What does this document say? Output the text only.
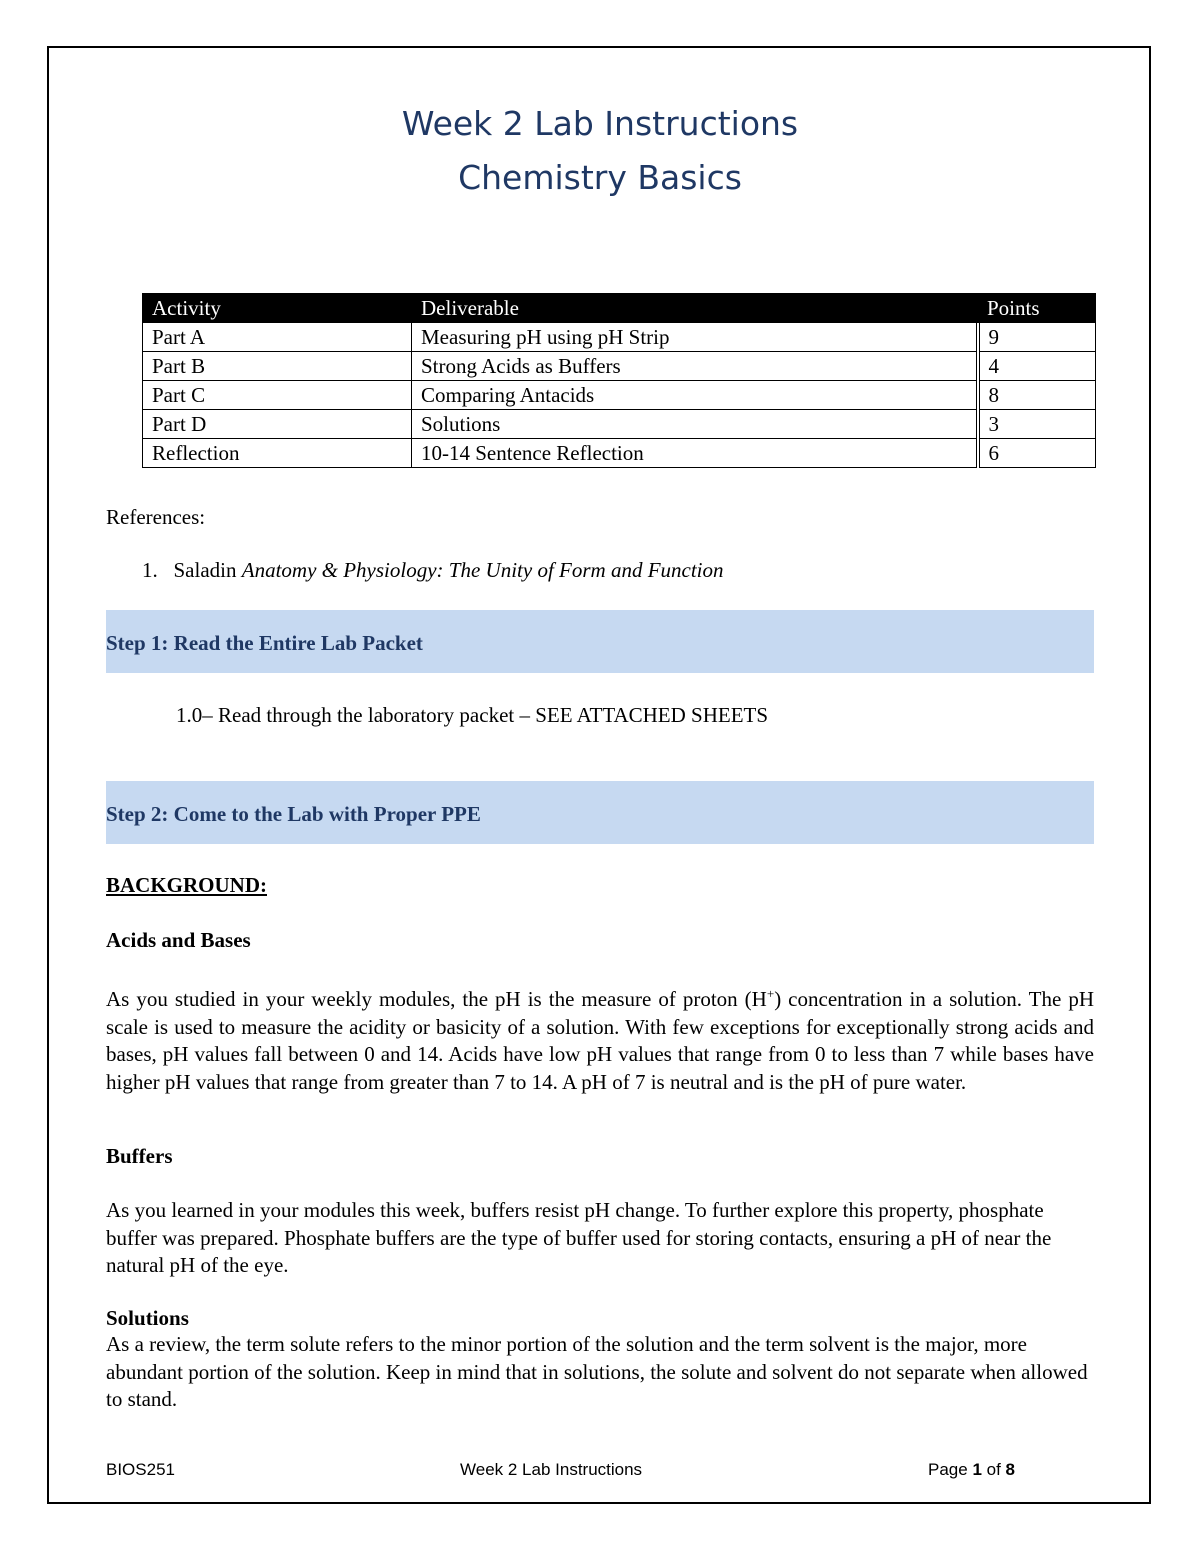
Week 2 Lab Instructions
Chemistry Basics
Activity	Deliverable	Points
Part A	Measuring pH using pH Strip	9
Part B	Strong Acids as Buffers	4
Part C	Comparing Antacids	8
Part D	Solutions	3
Reflection	10-14 Sentence Reflection	6
References:
1. Saladin Anatomy & Physiology: The Unity of Form and Function
Step 1: Read the Entire Lab Packet
1.0– Read through the laboratory packet – SEE ATTACHED SHEETS
Step 2: Come to the Lab with Proper PPE
BACKGROUND:
Acids and Bases
As you studied in your weekly modules, the pH is the measure of proton (H+) concentration in a solution. The pH scale is used to measure the acidity or basicity of a solution. With few exceptions for exceptionally strong acids and bases, pH values fall between 0 and 14. Acids have low pH values that range from 0 to less than 7 while bases have higher pH values that range from greater than 7 to 14. A pH of 7 is neutral and is the pH of pure water.
Buffers
As you learned in your modules this week, buffers resist pH change. To further explore this property, phosphate buffer was prepared. Phosphate buffers are the type of buffer used for storing contacts, ensuring a pH of near the natural pH of the eye.
Solutions
As a review, the term solute refers to the minor portion of the solution and the term solvent is the major, more abundant portion of the solution. Keep in mind that in solutions, the solute and solvent do not separate when allowed to stand.
BIOS251	Week 2 Lab Instructions	Page 1 of 8
